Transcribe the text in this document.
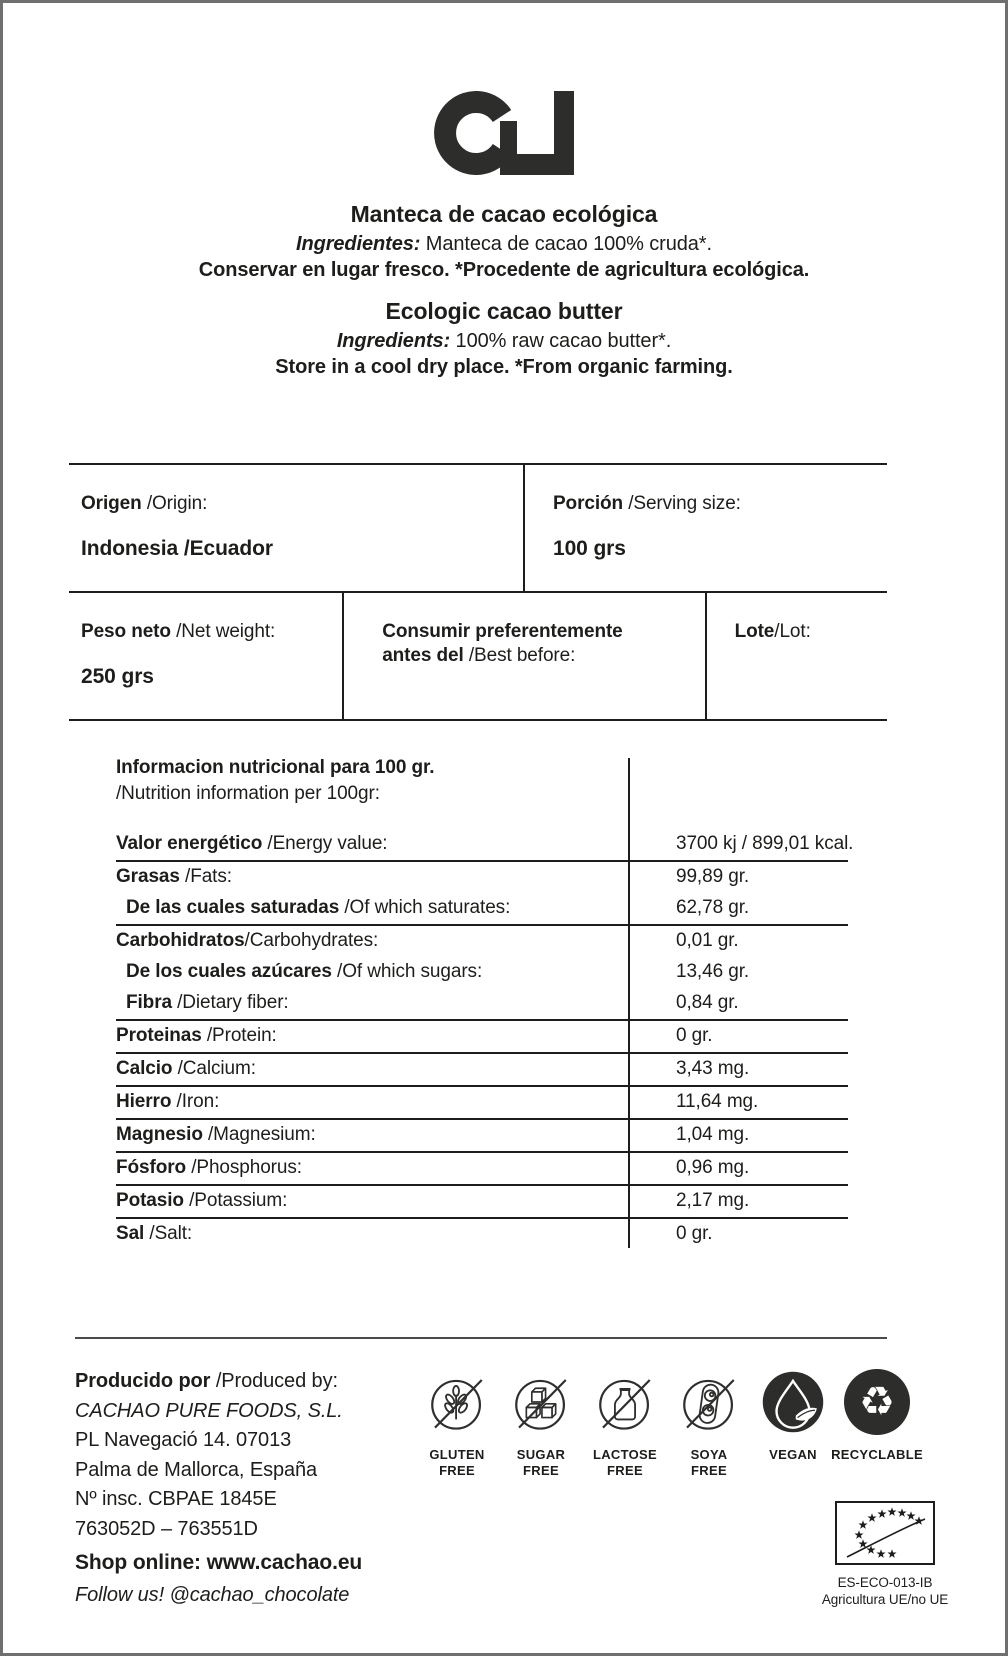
Manteca de cacao ecológica
Ingredientes: Manteca de cacao 100% cruda*.
Conservar en lugar fresco. *Procedente de agricultura ecológica.
Ecologic cacao butter
Ingredients: 100% raw cacao butter*.
Store in a cool dry place. *From organic farming.
Origen /Origin:
Indonesia /Ecuador
Porción /Serving size:
100 grs
Peso neto /Net weight:
250 grs
Consumir preferentemente
antes del /Best before:
Lote/Lot:
Informacion nutricional para 100 gr.
/Nutrition information per 100gr:
Valor energético /Energy value:	3700 kj / 899,01 kcal.
Grasas /Fats:	99,89 gr.
De las cuales saturadas /Of which saturates:	62,78 gr.
Carbohidratos/Carbohydrates:	0,01 gr.
De los cuales azúcares /Of which sugars:	13,46 gr.
Fibra /Dietary fiber:	0,84 gr.
Proteinas /Protein:	0 gr.
Calcio /Calcium:	3,43 mg.
Hierro /Iron:	11,64 mg.
Magnesio /Magnesium:	1,04 mg.
Fósforo /Phosphorus:	0,96 mg.
Potasio /Potassium:	2,17 mg.
Sal /Salt:	0 gr.
Producido por /Produced by:
CACHAO PURE FOODS, S.L.
PL Navegació 14. 07013
Palma de Mallorca, España
Nº insc. CBPAE 1845E
763052D – 763551D
Shop online: www.cachao.eu
Follow us! @cachao_chocolate
GLUTEN
FREE
SUGAR
FREE
LACTOSE
FREE
SOYA
FREE
VEGAN
♻
RECYCLABLE
ES-ECO-013-IB
Agricultura UE/no UE
